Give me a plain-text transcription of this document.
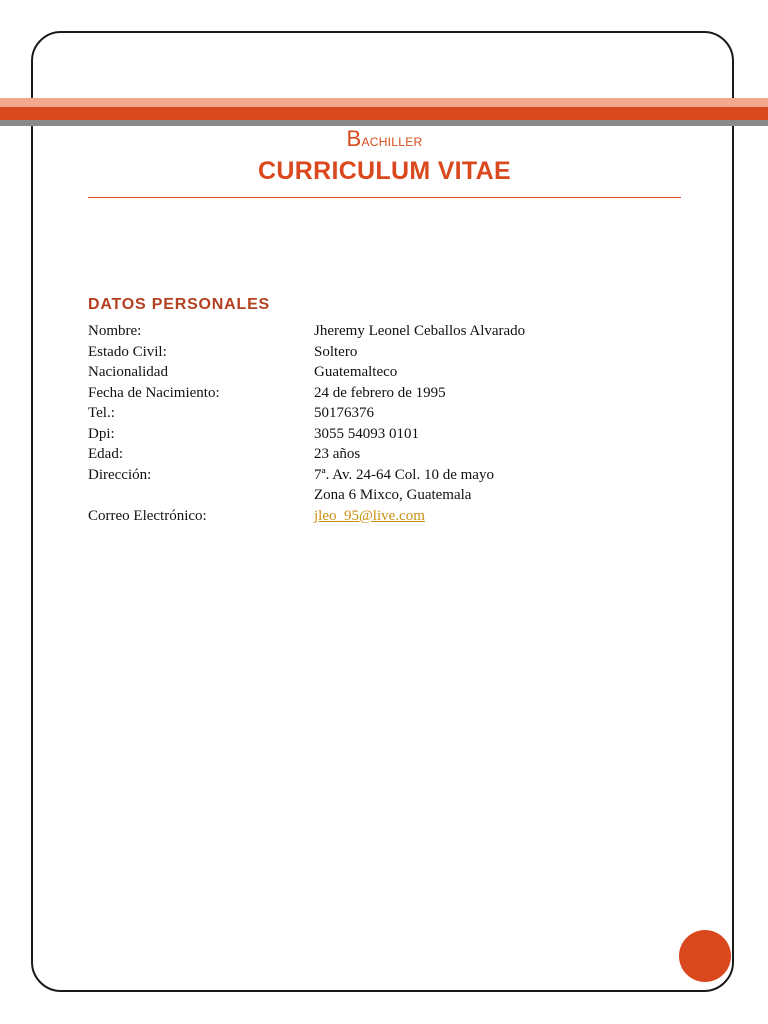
Bachiller

CURRICULUM VITAE
DATOS PERSONALES
Nombre:	Jheremy Leonel Ceballos Alvarado
Estado Civil:	Soltero
Nacionalidad	Guatemalteco
Fecha de Nacimiento:	24 de febrero de 1995
Tel.:	50176376
Dpi:	3055 54093 0101
Edad:	23 años
Dirección:	7ª. Av. 24-64 Col. 10 de mayo
Zona 6 Mixco, Guatemala
Correo Electrónico:	jleo_95@live.com
